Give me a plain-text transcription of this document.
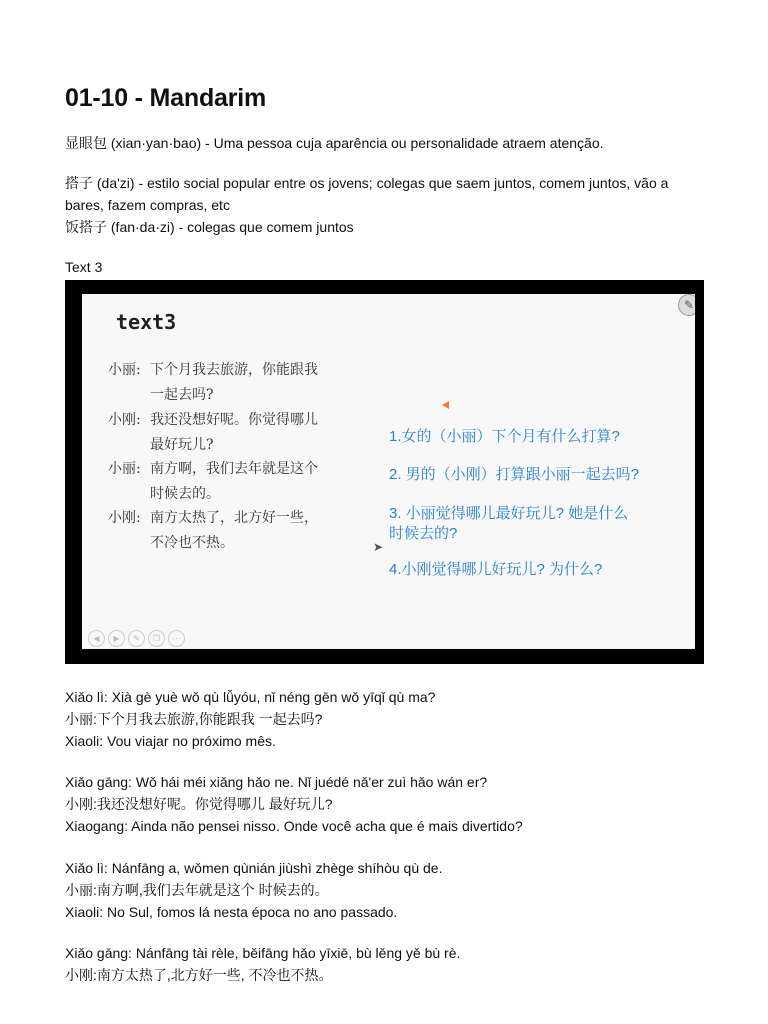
01-10 - Mandarim
显眼包 (xian·yan·bao) - Uma pessoa cuja aparência ou personalidade atraem atenção.
搭子 (da'zi) - estilo social popular entre os jovens; colegas que saem juntos, comem juntos, vão a bares, fazem compras, etc
饭搭子 (fan·da·zi) - colegas que comem juntos
Text 3
text3
✎
小丽: 下个月我去旅游，你能跟我
一起去吗?
小刚: 我还没想好呢。你觉得哪儿
最好玩儿?
小丽: 南方啊，我们去年就是这个
时候去的。
小刚: 南方太热了，北方好一些，
不冷也不热。
1.女的（小丽）下个月有什么打算?
2. 男的（小刚）打算跟小丽一起去吗?
3. 小丽觉得哪儿最好玩儿? 她是什么
时候去的?
4.小刚觉得哪儿好玩儿? 为什么?
➤
◀	▶	✎	❐	⋯
Xiǎo lì: Xià gè yuè wǒ qù lǚyóu, nǐ néng gēn wǒ yīqǐ qù ma?
小丽:下个月我去旅游,你能跟我 一起去吗?
Xiaoli: Vou viajar no próximo mês.
Xiǎo gāng: Wǒ hái méi xiǎng hǎo ne. Nǐ juédé nǎ'er zuì hǎo wán er?
小刚:我还没想好呢。你觉得哪儿 最好玩儿?
Xiaogang: Ainda não pensei nisso. Onde você acha que é mais divertido?
Xiǎo lì: Nánfāng a, wǒmen qùnián jiùshì zhège shíhòu qù de.
小丽:南方啊,我们去年就是这个 时候去的。
Xiaoli: No Sul, fomos lá nesta época no ano passado.
Xiǎo gāng: Nánfāng tài rèle, běifāng hǎo yīxiē, bù lěng yě bù rè.
小刚:南方太热了,北方好一些, 不冷也不热。
